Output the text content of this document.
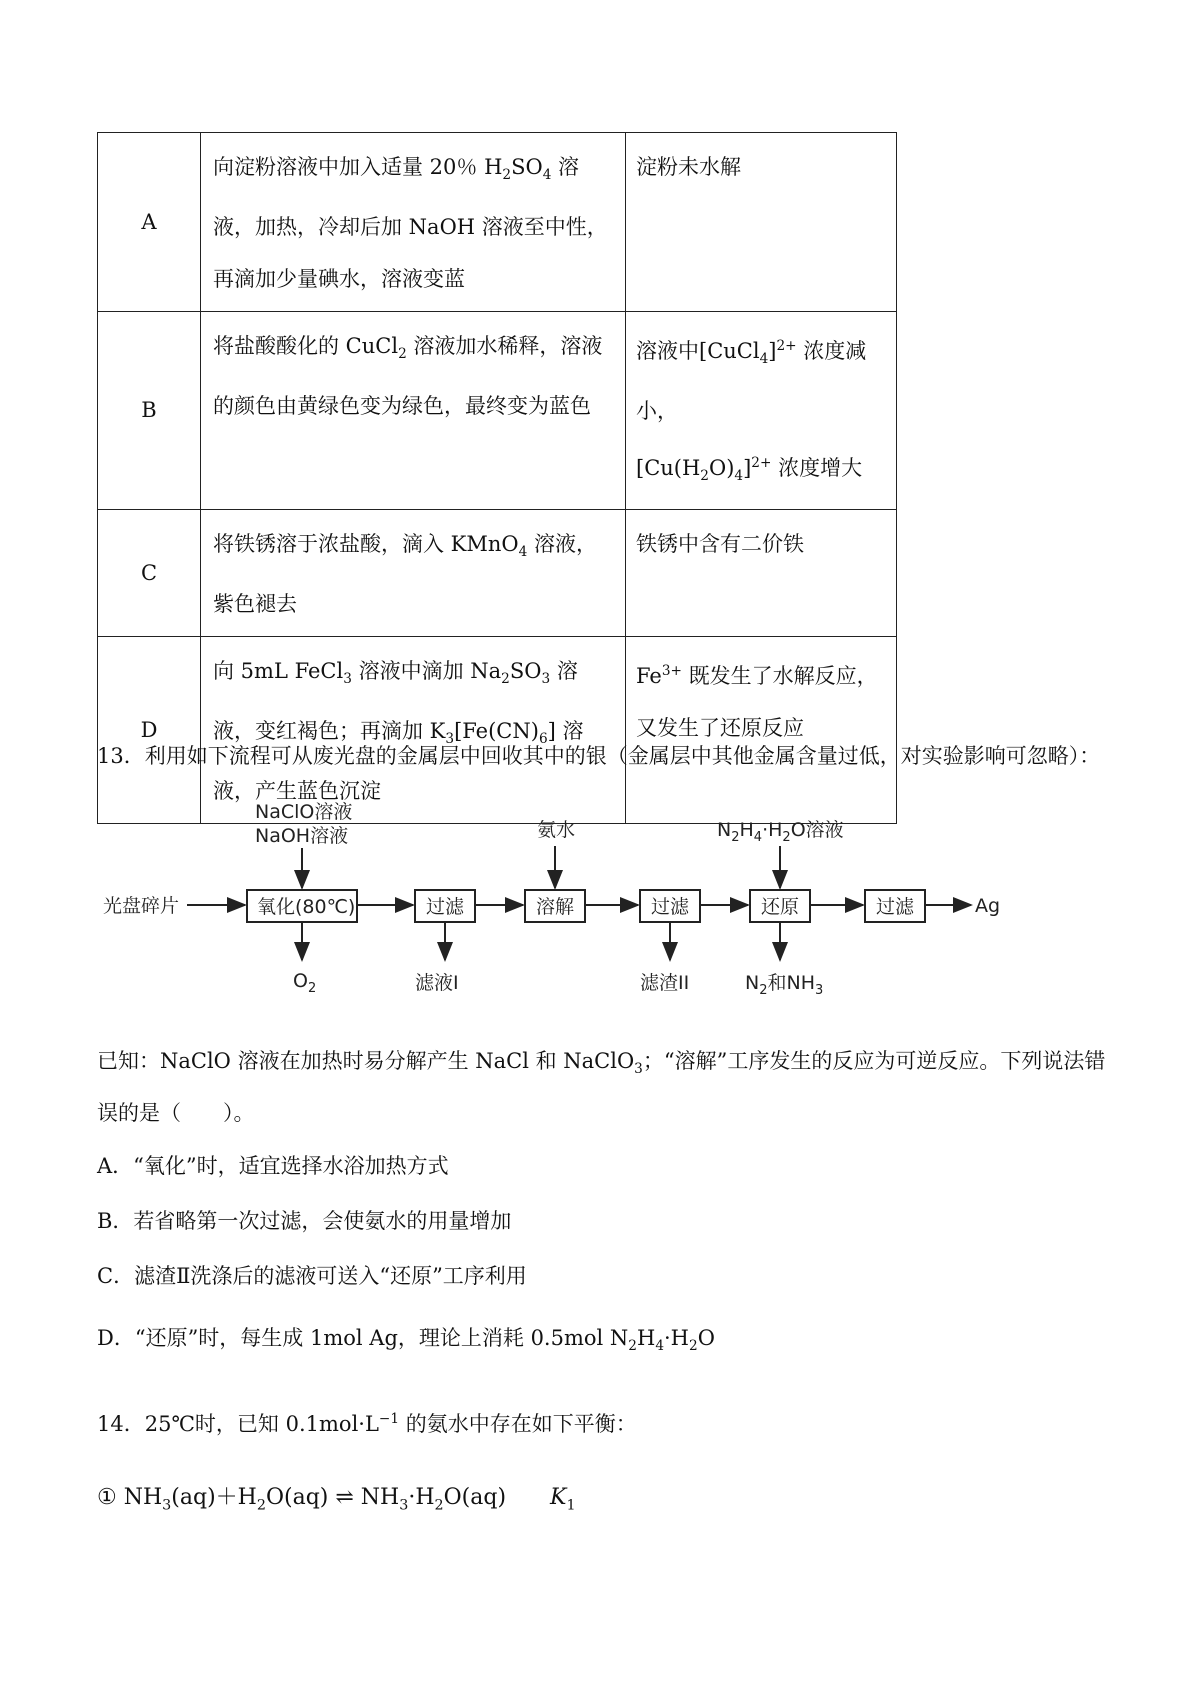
A	向淀粉溶液中加入适量 20％ $H_2SO_4$ 溶液，加热，冷却后加 NaOH 溶液至中性，再滴加少量碘水，溶液变蓝	淀粉未水解
B	将盐酸酸化的 CuCl$_2$ 溶液加水稀释，溶液的颜色由黄绿色变为绿色，最终变为蓝色	溶液中[CuCl$_4$]$^{2+}$ 浓度减小，
$[Cu(H_2O)_4]^{2+}$ 浓度增大
C	将铁锈溶于浓盐酸，滴入 KMnO$_4$ 溶液，紫色褪去	铁锈中含有二价铁
D	向 5mL FeCl$_3$ 溶液中滴加 $Na_2SO_3$ 溶液，变红褐色；再滴加 $K_3[Fe(CN)_6]$ 溶液，产生蓝色沉淀	$Fe^{3+}$ 既发生了水解反应，又发生了还原反应
13．利用如下流程可从废光盘的金属层中回收其中的银（金属层中其他金属含量过低，对实验影响可忽略）：
光盘碎片	氧化(80℃)	过滤	溶解	过滤	还原	过滤	Ag
NaClO溶液
NaOH溶液	氨水	$N_2H_4\cdot H_2O$溶液
$O_2$	滤液I	滤渣II	$N_2$和$NH_3$
已知：NaClO 溶液在加热时易分解产生 NaCl 和 NaClO$_3$；“溶解”工序发生的反应为可逆反应。下列说法错
误的是（　　）。
A．“氧化”时，适宜选择水浴加热方式
B．若省略第一次过滤，会使氨水的用量增加
C．滤渣Ⅱ洗涤后的滤液可送入“还原”工序利用
D．“还原”时，每生成 1mol Ag，理论上消耗 0.5mol $N_2H_4\cdot H_2O$
14．25℃时，已知 $0.1mol\cdot L^{-1}$ 的氨水中存在如下平衡：
① $NH_3(aq)+H_2O(aq)$ ⇌ $NH_3\cdot H_2O(aq)$   $K_1$
